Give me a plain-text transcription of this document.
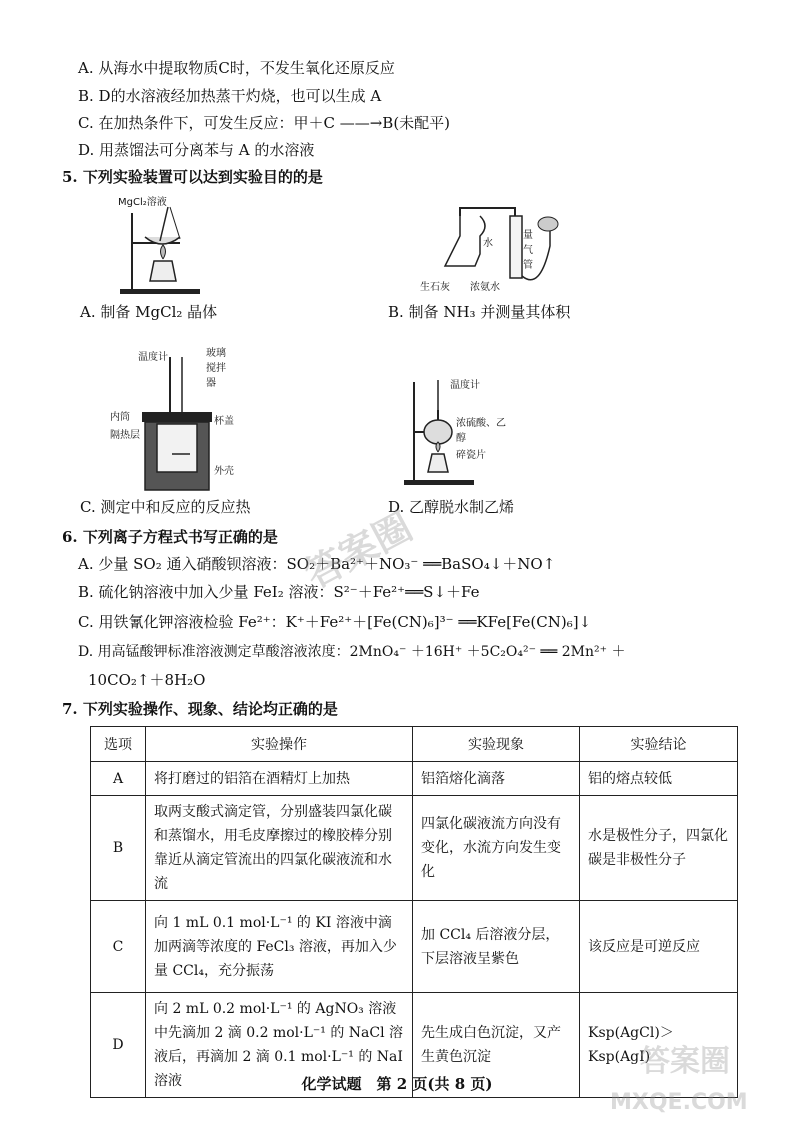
A. 从海水中提取物质C时，不发生氧化还原反应
B. D的水溶液经加热蒸干灼烧，也可以生成 A
C. 在加热条件下，可发生反应：甲＋C ——→B(未配平)
D. 用蒸馏法可分离苯与 A 的水溶液
5. 下列实验装置可以达到实验目的的是
MgCl₂溶液
A. 制备 MgCl₂ 晶体
水
量气管
生石灰 浓氨水
B. 制备 NH₃ 并测量其体积
温度计	玻璃搅拌器
内筒	杯盖
隔热层
外壳
C. 测定中和反应的反应热
温度计
浓硫酸、乙醇
碎瓷片
D. 乙醇脱水制乙烯
6. 下列离子方程式书写正确的是
A. 少量 SO₂ 通入硝酸钡溶液：SO₂＋Ba²⁺＋NO₃⁻ ══BaSO₄↓＋NO↑
B. 硫化钠溶液中加入少量 FeI₂ 溶液：S²⁻＋Fe²⁺══S↓＋Fe
C. 用铁氰化钾溶液检验 Fe²⁺：K⁺＋Fe²⁺＋[Fe(CN)₆]³⁻ ══KFe[Fe(CN)₆]↓
D. 用高锰酸钾标准溶液测定草酸溶液浓度：2MnO₄⁻ ＋16H⁺ ＋5C₂O₄²⁻ ══ 2Mn²⁺ ＋
10CO₂↑＋8H₂O
7. 下列实验操作、现象、结论均正确的是
选项	实验操作	实验现象	实验结论
A	将打磨过的铝箔在酒精灯上加热	铝箔熔化滴落	铝的熔点较低
B	取两支酸式滴定管，分别盛装四氯化碳和蒸馏水，用毛皮摩擦过的橡胶棒分别靠近从滴定管流出的四氯化碳液流和水流	四氯化碳液流方向没有变化，水流方向发生变化	水是极性分子，四氯化碳是非极性分子
C	向 1 mL 0.1 mol·L⁻¹ 的 KI 溶液中滴加两滴等浓度的 FeCl₃ 溶液，再加入少量 CCl₄，充分振荡	加 CCl₄ 后溶液分层，下层溶液呈紫色	该反应是可逆反应
D	向 2 mL 0.2 mol·L⁻¹ 的 AgNO₃ 溶液中先滴加 2 滴 0.2 mol·L⁻¹ 的 NaCl 溶液后，再滴加 2 滴 0.1 mol·L⁻¹ 的 NaI 溶液	先生成白色沉淀，又产生黄色沉淀	Ksp(AgCl)＞Ksp(AgI)
化学试题　第 2 页(共 8 页)
答案圈
答案圈
MXQE.COM
